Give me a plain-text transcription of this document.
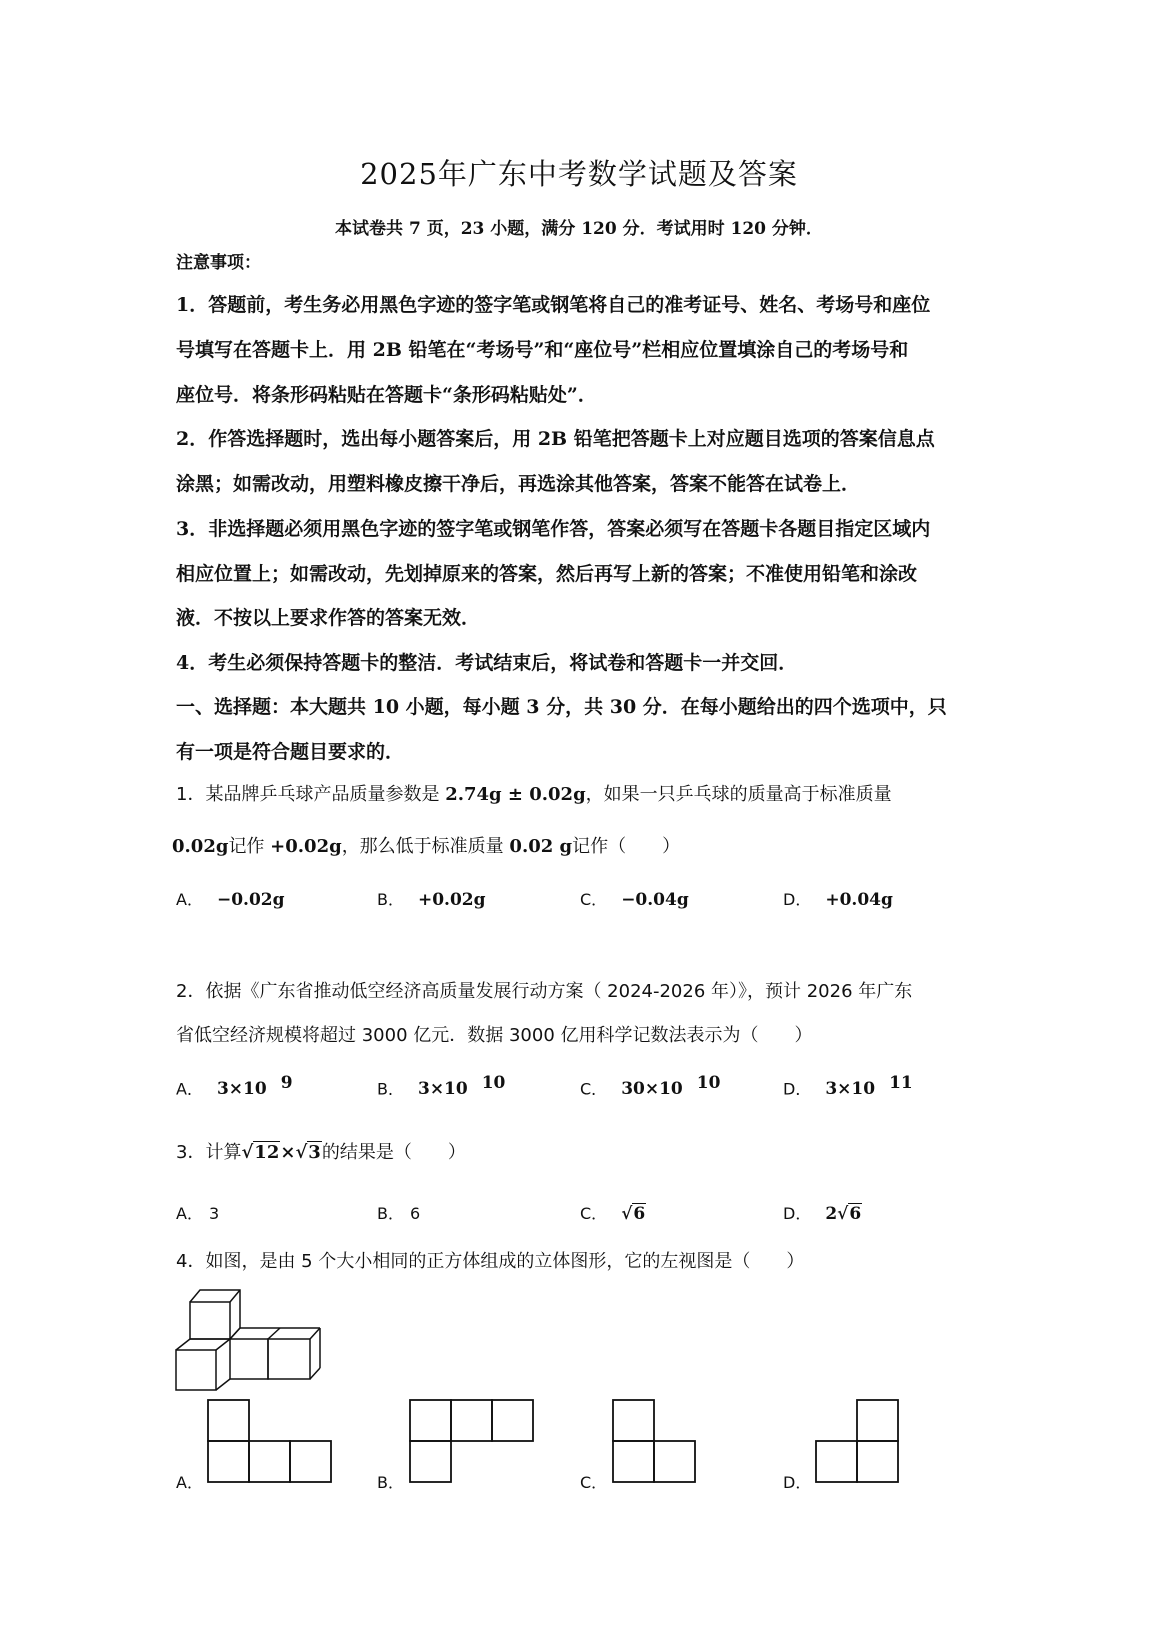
2025年广东中考数学试题及答案
本试卷共 7 页，23 小题，满分 120 分．考试用时 120 分钟．
注意事项：
1．答题前，考生务必用黑色字迹的签字笔或钢笔将自己的准考证号、姓名、考场号和座位
号填写在答题卡上．用 2B 铅笔在“考场号”和“座位号”栏相应位置填涂自己的考场号和
座位号．将条形码粘贴在答题卡“条形码粘贴处”．
2．作答选择题时，选出每小题答案后，用 2B 铅笔把答题卡上对应题目选项的答案信息点
涂黑；如需改动，用塑料橡皮擦干净后，再选涂其他答案，答案不能答在试卷上．
3．非选择题必须用黑色字迹的签字笔或钢笔作答，答案必须写在答题卡各题目指定区域内
相应位置上；如需改动，先划掉原来的答案，然后再写上新的答案；不准使用铅笔和涂改
液．不按以上要求作答的答案无效．
4．考生必须保持答题卡的整洁．考试结束后，将试卷和答题卡一并交回．
一、选择题：本大题共 10 小题，每小题 3 分，共 30 分．在每小题给出的四个选项中，只
有一项是符合题目要求的．
1．某品牌乒乓球产品质量参数是 2.74g ± 0.02g，如果一只乒乓球的质量高于标准质量
0.02g记作 +0.02g，那么低于标准质量 0.02 g记作（　　）
A． −0.02g	B． +0.02g	C． −0.04g	D． +0.04g
2．依据《广东省推动低空经济高质量发展行动方案（ 2024-2026 年）》，预计 2026 年广东
省低空经济规模将超过 3000 亿元．数据 3000 亿用科学记数法表示为（　　）
A． 3×10 $^9$	B． 3×10 $^{10}$	C． 30×10 $^{10}$	D． 3×10 $^{11}$
3．计算√12×√3的结果是（　　）
A． 3	B． 6	C． √6	D． 2√6
4．如图，是由 5 个大小相同的正方体组成的立体图形，它的左视图是（　　）
A．	B．	C．	D．
